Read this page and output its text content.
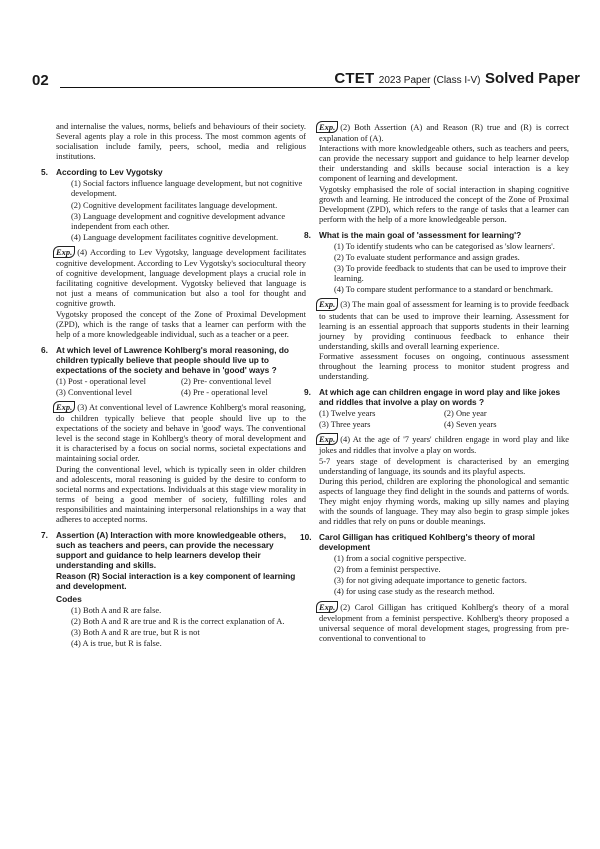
02	CTET 2023 Paper (Class I-V) Solved Paper

and internalise the values, norms, beliefs and behaviours of their society. Several agents play a role in this process. The most common agents of socialisation include family, peers, school, media and religious institutions.

5. According to Lev Vygotsky
(1) Social factors influence language development, but not cognitive development.
(2) Cognitive development facilitates language development.
(3) Language development and cognitive development advance independent from each other.
(4) Language development facilitates cognitive development.

Exp. (4) According to Lev Vygotsky, language development facilitates cognitive development. According to Lev Vygotsky's sociocultural theory of cognitive development, language development plays a crucial role in facilitating cognitive development. Vygotsky believed that language is not just a means of communication but also a tool for thought and cognitive growth.

Vygotsky proposed the concept of the Zone of Proximal Development (ZPD), which is the range of tasks that a learner can perform with the help of a more knowledgeable individual, such as a teacher or a peer.

6. At which level of Lawrence Kohlberg's moral reasoning, do children typically believe that people should live up to expectations of the society and behave in 'good' ways ?
(1) Post - operational level	(2) Pre- conventional level
(3) Conventional level	(4) Pre - operational level

Exp. (3) At conventional level of Lawrence Kohlberg's moral reasoning, do children typically believe that people should live up to the expectations of the society and behave in 'good' ways. The conventional level is the second stage in Kohlberg's theory of moral development and it is characterised by a focus on social norms, societal expectations and maintaining social order.

During the conventional level, which is typically seen in older children and adolescents, moral reasoning is guided by the desire to conform to societal norms and expectations. Individuals at this stage view morality in terms of being a good member of society, fulfilling roles and responsibilities and maintaining interpersonal relationships in a way that adheres to accepted norms.

7. Assertion (A) Interaction with more knowledgeable others, such as teachers and peers, can provide the necessary support and guidance to help learners develop their understanding and skills.
Reason (R) Social interaction is a key component of learning and development.
Codes
(1) Both A and R are false.
(2) Both A and R are true and R is the correct explanation of A.
(3) Both A and R are true, but R is not
(4) A is true, but R is false.

Exp. (2) Both Assertion (A) and Reason (R) true and (R) is correct explanation of (A).

Interactions with more knowledgeable others, such as teachers and peers, can provide the necessary support and guidance to help learner develop their understanding and skills because social interaction is a key component of learning and development.

Vygotsky emphasised the role of social interaction in shaping cognitive growth and learning. He introduced the concept of the Zone of Proximal Development (ZPD), which refers to the range of tasks that a learner can perform with the help of a more knowledgeable person.

8. What is the main goal of 'assessment for learning'?
(1) To identify students who can be categorised as 'slow learners'.
(2) To evaluate student performance and assign grades.
(3) To provide feedback to students that can be used to improve their learning.
(4) To compare student performance to a standard or benchmark.

Exp. (3) The main goal of assessment for learning is to provide feedback to students that can be used to improve their learning. Assessment for learning is an essential approach that supports students in their learning journey by providing continuous feedback to enhance their understanding, skills and overall learning experience.

Formative assessment focuses on ongoing, continuous assessment throughout the learning process to monitor student progress and understanding.

9. At which age can children engage in word play and like jokes and riddles that involve a play on words ?
(1) Twelve years	(2) One year
(3) Three years	(4) Seven years

Exp. (4) At the age of '7 years' children engage in word play and like jokes and riddles that involve a play on words.

5-7 years stage of development is characterised by an emerging understanding of language, its sounds and its playful aspects.

During this period, children are exploring the phonological and semantic aspects of language they find delight in the sounds and patterns of words. They might enjoy rhyming words, making up silly names and playing with the sounds of language. They may also begin to grasp simple jokes and riddles that rely on puns or double meanings.

10. Carol Gilligan has critiqued Kohlberg's theory of moral development
(1) from a social cognitive perspective.
(2) from a feminist perspective.
(3) for not giving adequate importance to genetic factors.
(4) for using case study as the research method.

Exp. (2) Carol Gilligan has critiqued Kohlberg's theory of a moral development from a feminist perspective. Kohlberg's theory proposed a universal sequence of moral development stages, progressing from pre-conventional to conventional to
